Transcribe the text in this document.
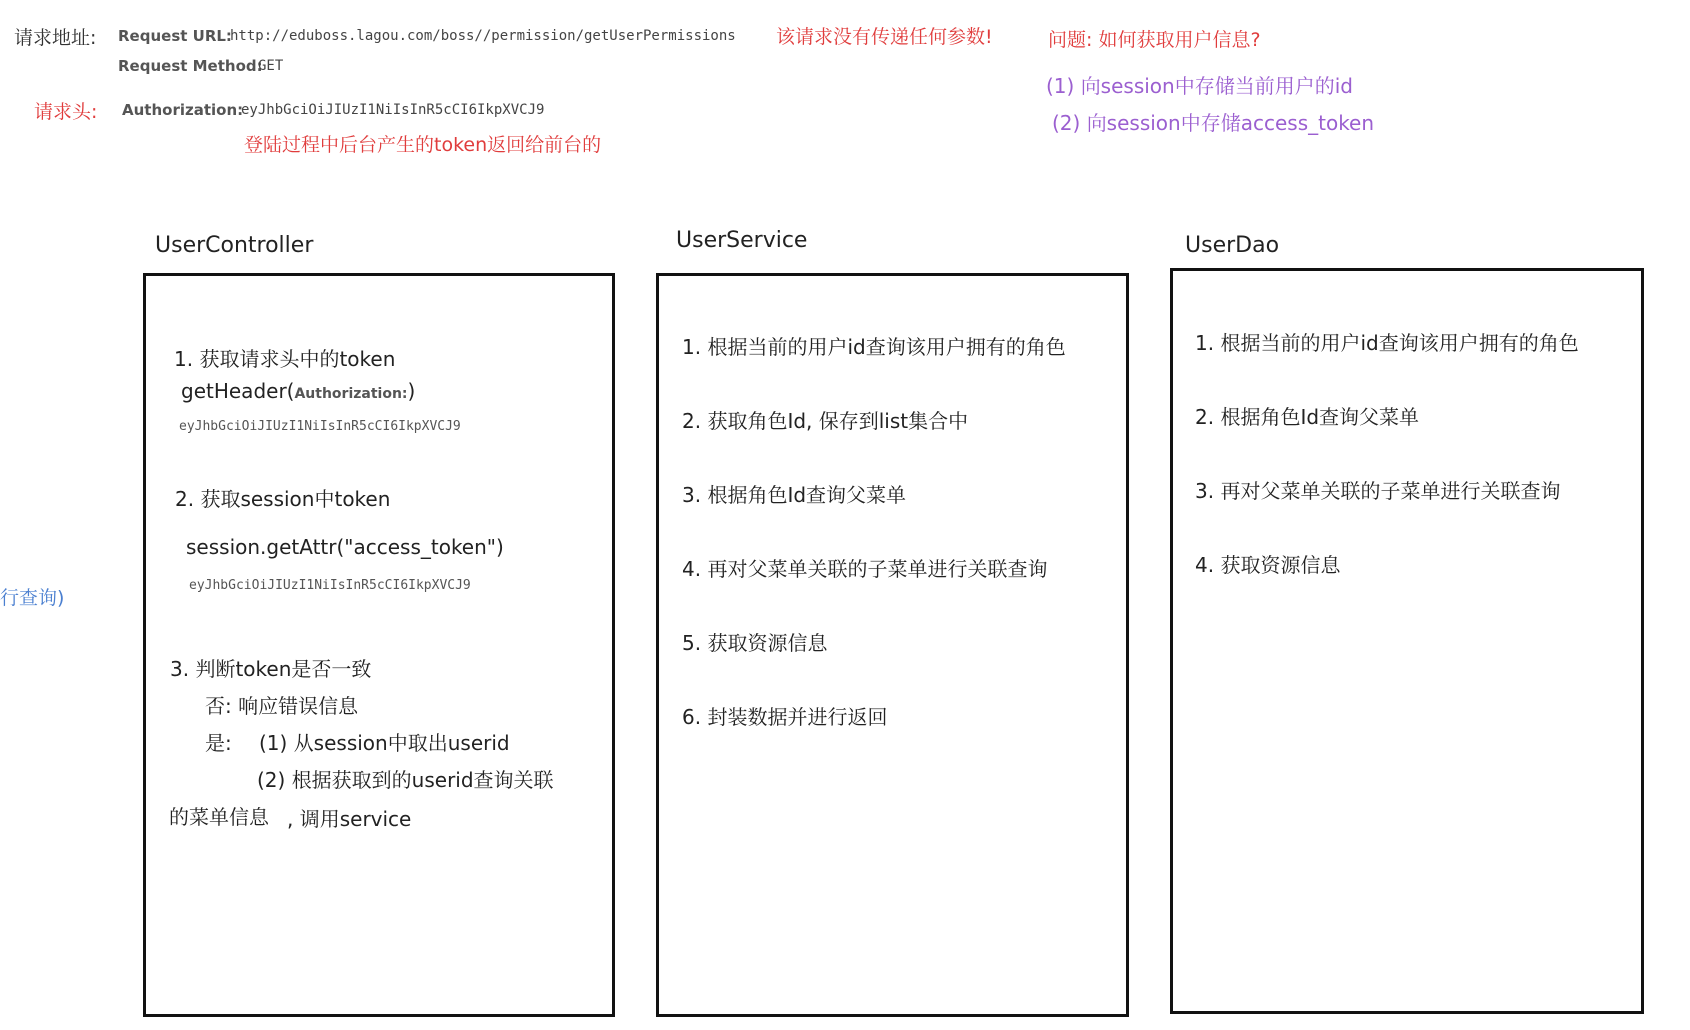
请求地址: Request URL:
http://eduboss.lagou.com/boss//permission/getUserPermissions 该请求没有传递任何参数!
Request Method:
GET
请求头: Authorization:
eyJhbGciOiJIUzI1NiIsInR5cCI6IkpXVCJ9
登陆过程中后台产生的token返回给前台的
问题: 如何获取用户信息?
(1) 向session中存储当前用户的id
(2) 向session中存储access_token
行查询)
UserController
1. 获取请求头中的token
getHeader(Authorization:)
eyJhbGciOiJIUzI1NiIsInR5cCI6IkpXVCJ9
2. 获取session中token
session.getAttr("access_token")
eyJhbGciOiJIUzI1NiIsInR5cCI6IkpXVCJ9
3. 判断token是否一致
否: 响应错误信息
是: (1) 从session中取出userid
(2) 根据获取到的userid查询关联
的菜单信息 , 调用service
UserService
1. 根据当前的用户id查询该用户拥有的角色
2. 获取角色Id, 保存到list集合中
3. 根据角色Id查询父菜单
4. 再对父菜单关联的子菜单进行关联查询
5. 获取资源信息
6. 封装数据并进行返回
UserDao
1. 根据当前的用户id查询该用户拥有的角色
2. 根据角色Id查询父菜单
3. 再对父菜单关联的子菜单进行关联查询
4. 获取资源信息
